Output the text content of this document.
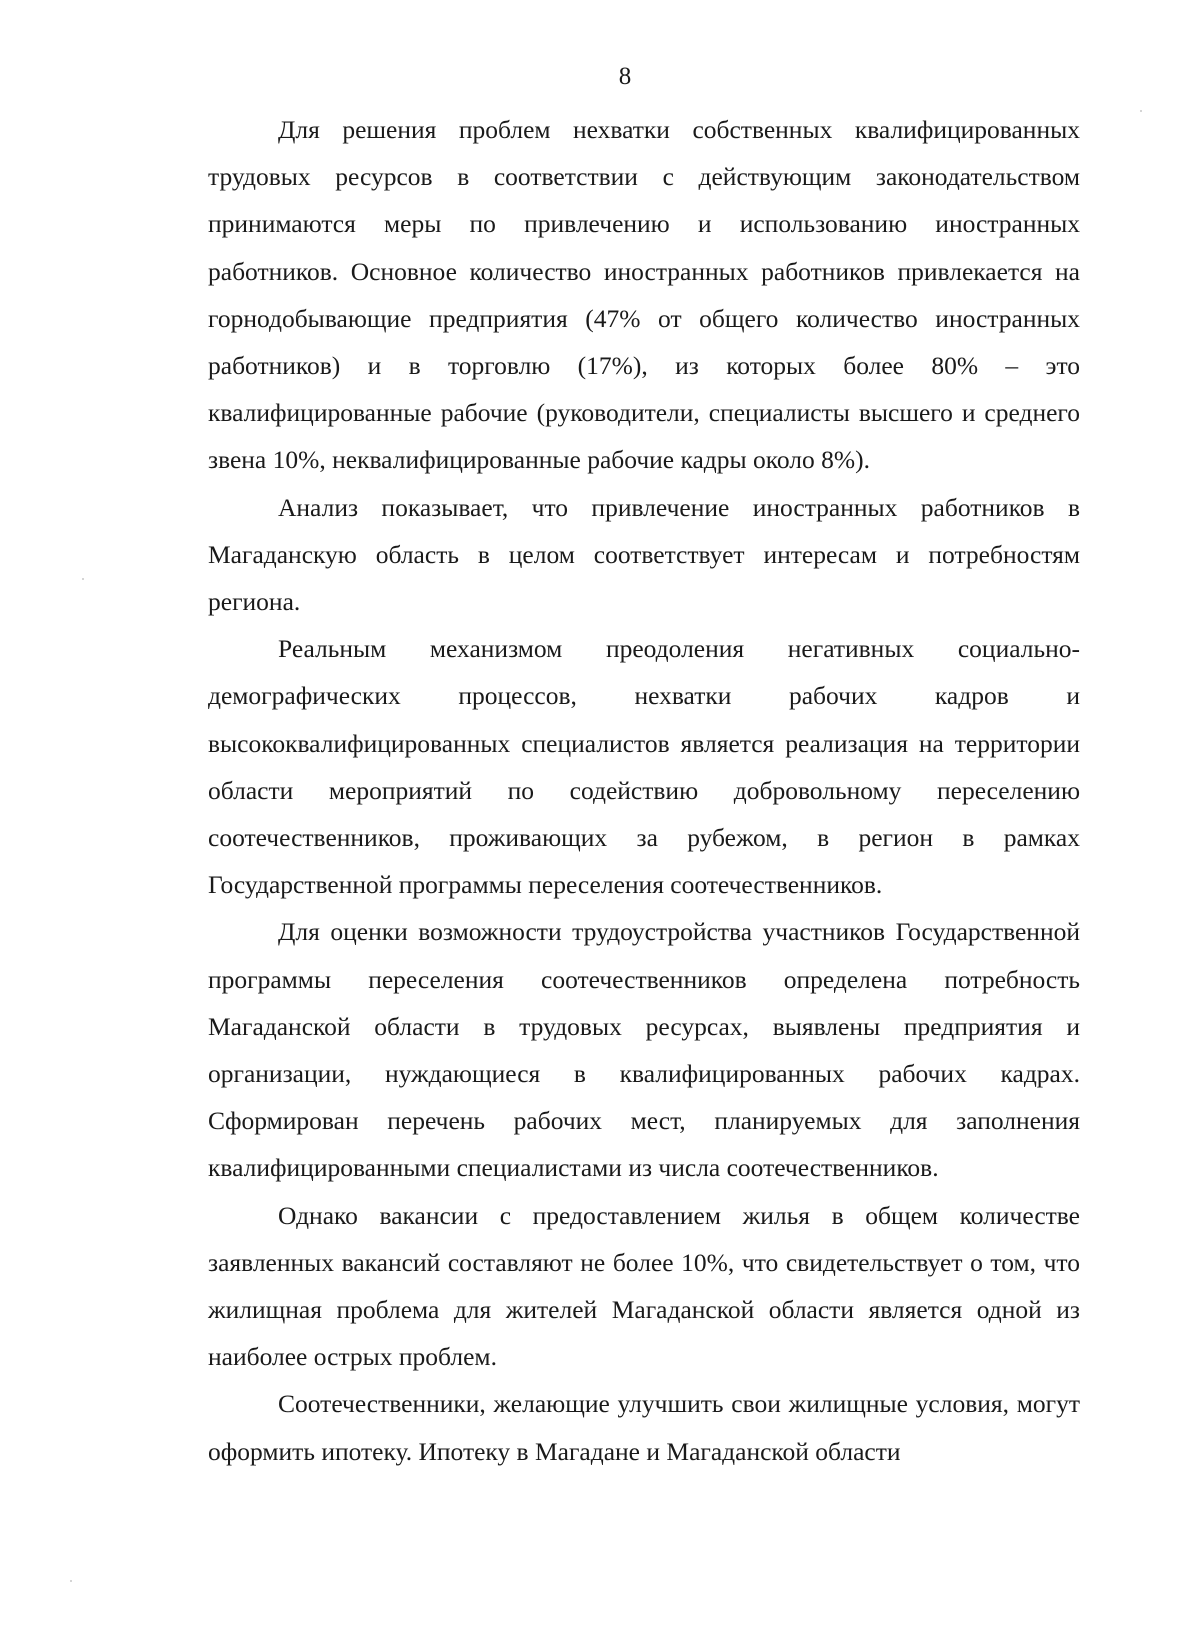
8

Для решения проблем нехватки собственных квалифицированных трудовых ресурсов в соответствии с действующим законодательством принимаются меры по привлечению и использованию иностранных работников. Основное количество иностранных работников привлекается на горнодобывающие предприятия (47% от общего количество иностранных работников) и в торговлю (17%), из которых более 80% – это квалифицированные рабочие (руководители, специалисты высшего и среднего звена 10%, неквалифицированные рабочие кадры около 8%).

Анализ показывает, что привлечение иностранных работников в Магаданскую область в целом соответствует интересам и потребностям региона.

Реальным механизмом преодоления негативных социально-демографических процессов, нехватки рабочих кадров и высококвалифицированных специалистов является реализация на территории области мероприятий по содействию добровольному переселению соотечественников, проживающих за рубежом, в регион в рамках Государственной программы переселения соотечественников.

Для оценки возможности трудоустройства участников Государственной программы переселения соотечественников определена потребность Магаданской области в трудовых ресурсах, выявлены предприятия и организации, нуждающиеся в квалифицированных рабочих кадрах. Сформирован перечень рабочих мест, планируемых для заполнения квалифицированными специалистами из числа соотечественников.

Однако вакансии с предоставлением жилья в общем количестве заявленных вакансий составляют не более 10%, что свидетельствует о том, что жилищная проблема для жителей Магаданской области является одной из наиболее острых проблем.

Соотечественники, желающие улучшить свои жилищные условия, могут оформить ипотеку. Ипотеку в Магадане и Магаданской области
